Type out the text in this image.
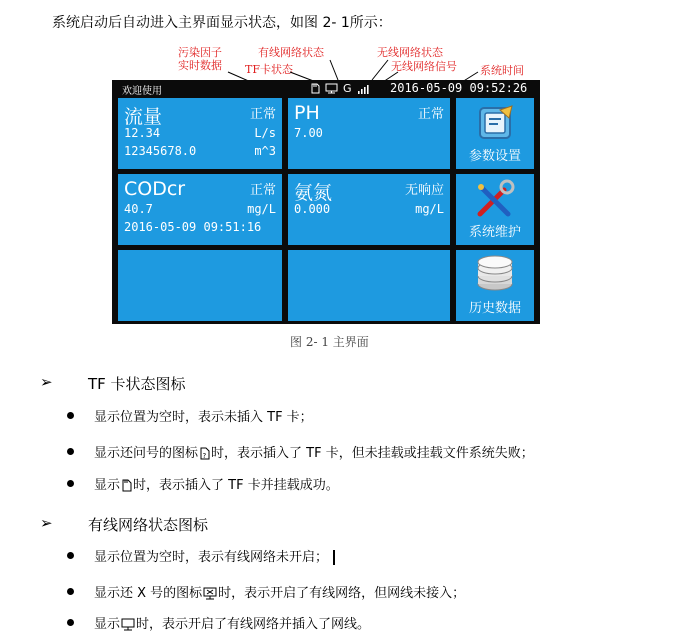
系统启动后自动进入主界面显示状态，如图 2- 1所示：
污染因子
实时数据
有线网络状态
TF卡状态
无线网络状态
无线网络信号 系统时间
欢迎使用	G	2016-05-09 09:52:26
流量	正常
12.34	L/s
12345678.0	m^3
PH	正常
7.00
CODcr	正常
40.7	mg/L
2016-05-09 09:51:16
氨氮	无响应
0.000	mg/L
参数设置
系统维护
历史数据
图 2- 1 主界面
➢ TF 卡状态图标
显示位置为空时，表示未插入 TF 卡；
显示还问号的图标 ? 时，表示插入了 TF 卡，但未挂载或挂载文件系统失败；
显示 时，表示插入了 TF 卡并挂载成功。
➢ 有线网络状态图标
显示位置为空时，表示有线网络未开启；
显示还 X 号的图标 时，表示开启了有线网络，但网线未接入；
显示 时，表示开启了有线网络并插入了网线。
